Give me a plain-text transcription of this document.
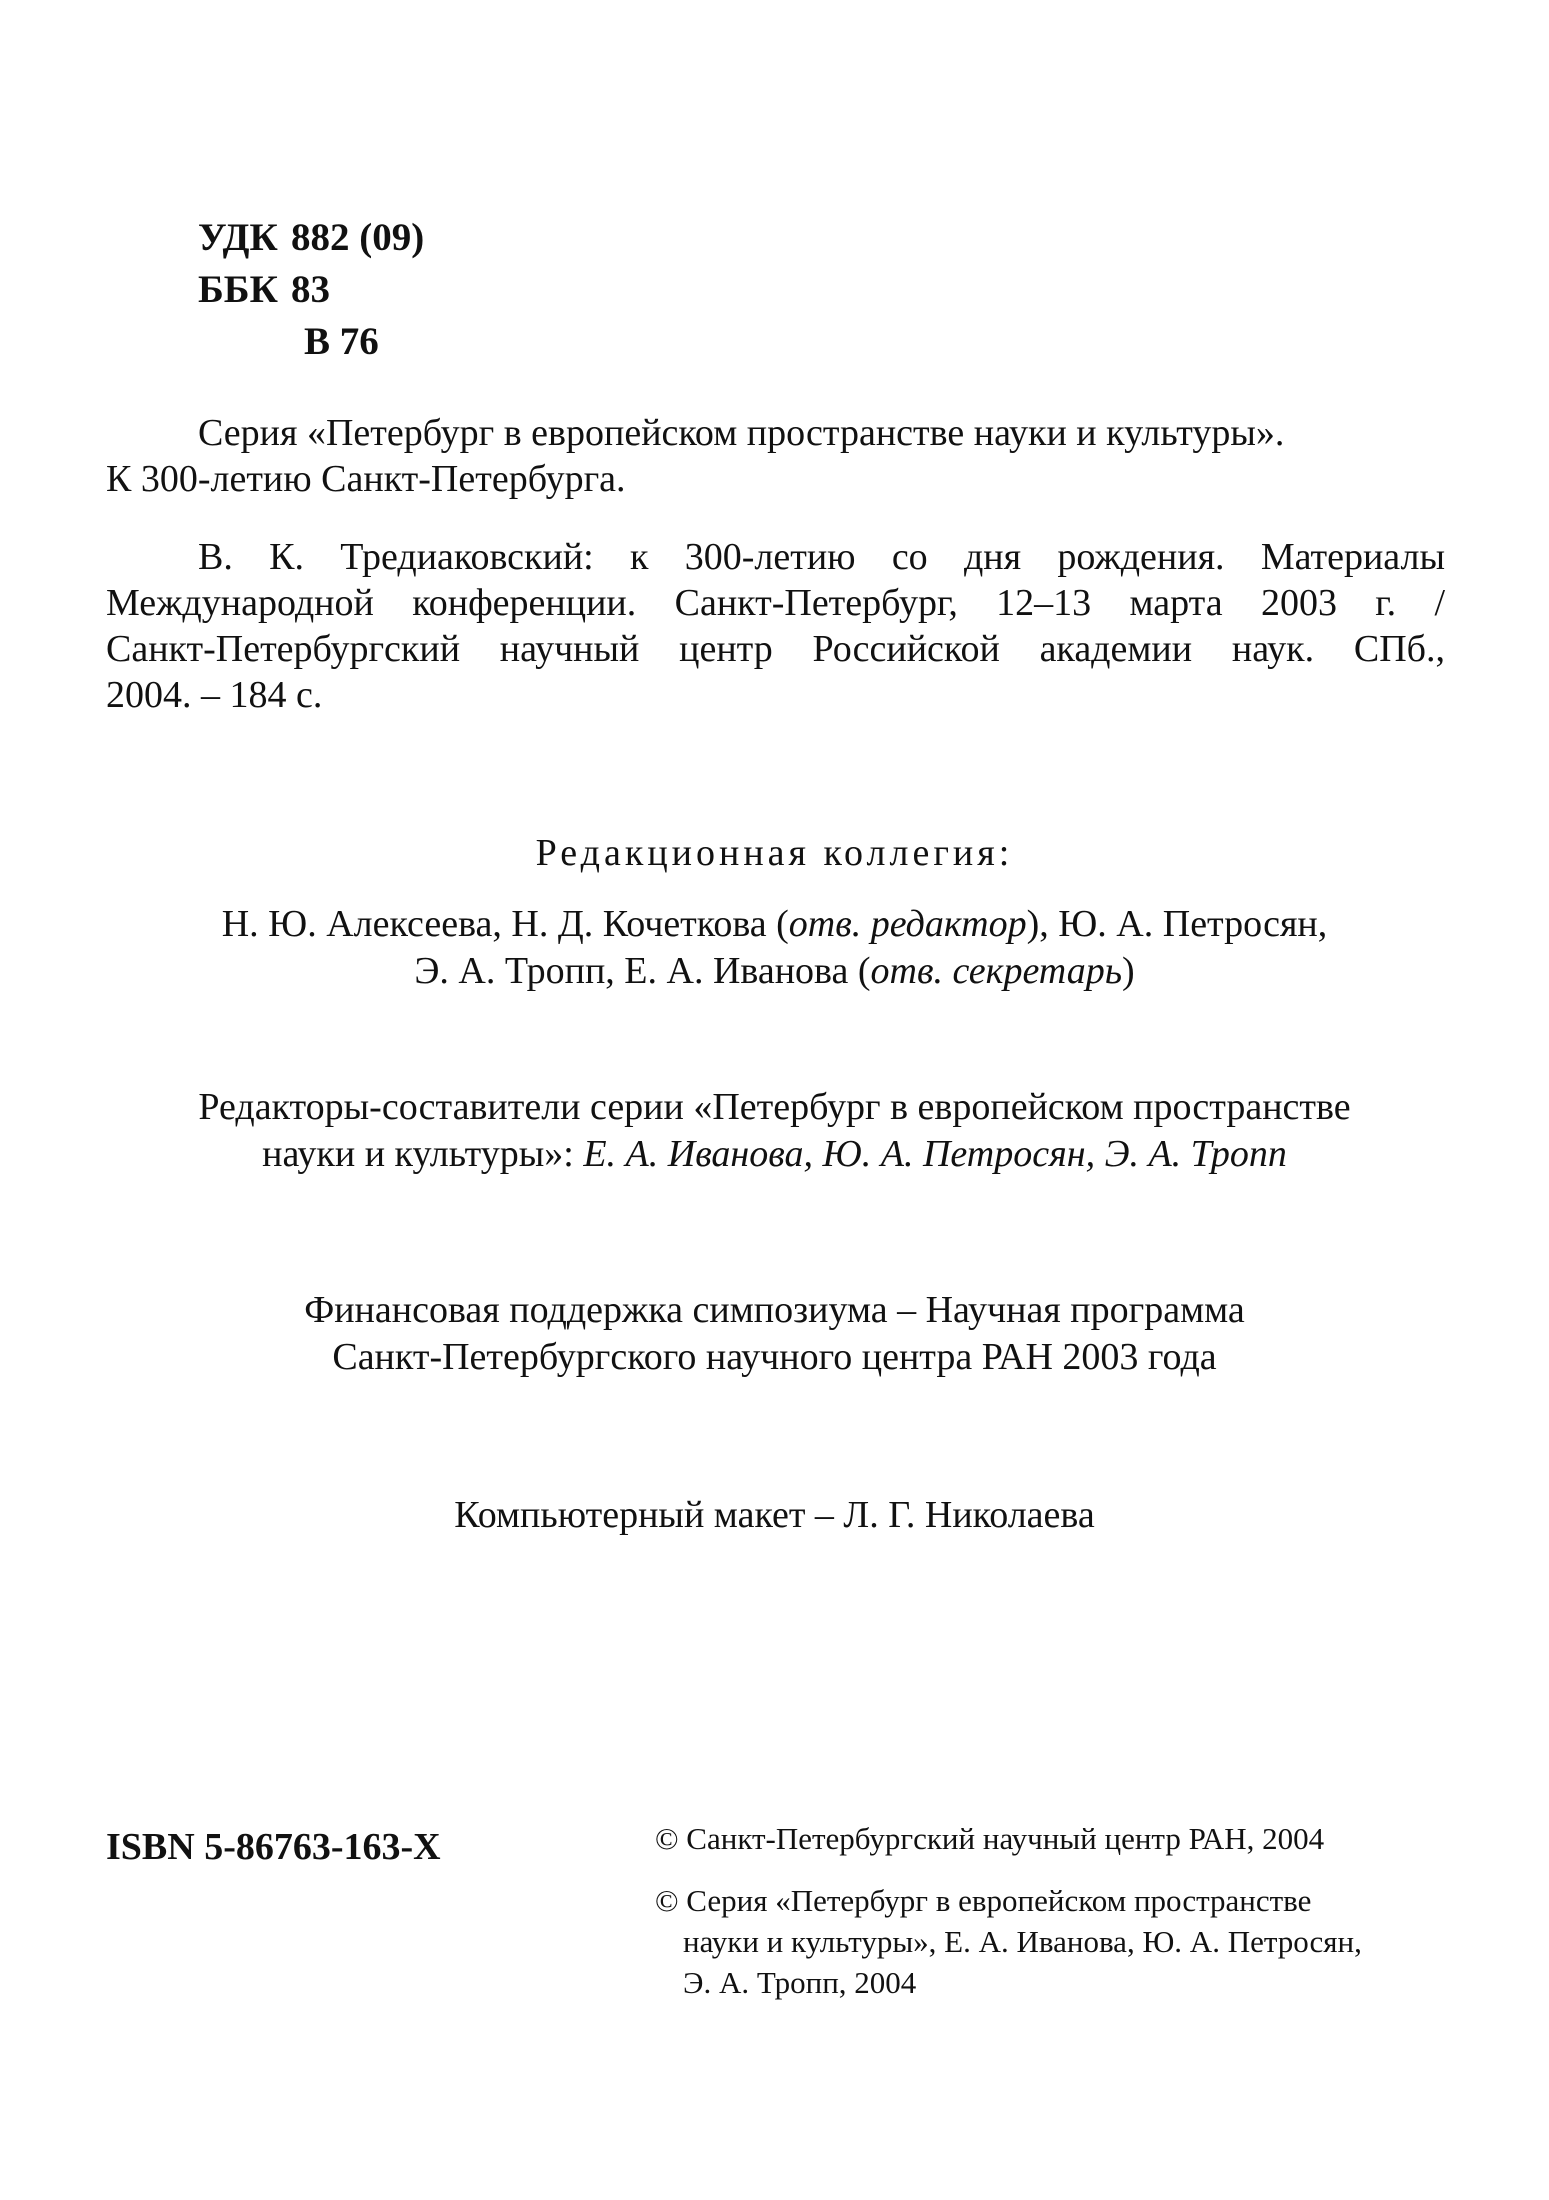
УДК 882 (09)
ББК 83
В 76
Серия «Петербург в европейском пространстве науки и культуры».
К 300-летию Санкт-Петербурга.
В. К. Тредиаковский: к 300-летию со дня рождения. Материалы
Международной конференции. Санкт-Петербург, 12–13 марта 2003 г. /
Санкт-Петербургский научный центр Российской академии наук. СПб.,
2004. – 184 с.
Редакционная коллегия:
Н. Ю. Алексеева, Н. Д. Кочеткова (отв. редактор), Ю. А. Петросян,
Э. А. Тропп, Е. А. Иванова (отв. секретарь)
Редакторы-составители серии «Петербург в европейском пространстве
науки и культуры»: Е. А. Иванова, Ю. А. Петросян, Э. А. Тропп
Финансовая поддержка симпозиума – Научная программа
Санкт-Петербургского научного центра РАН 2003 года
Компьютерный макет – Л. Г. Николаева
ISBN 5-86763-163-X	© Санкт-Петербургский научный центр РАН, 2004
© Серия «Петербург в европейском пространстве
науки и культуры», Е. А. Иванова, Ю. А. Петросян,
Э. А. Тропп, 2004
